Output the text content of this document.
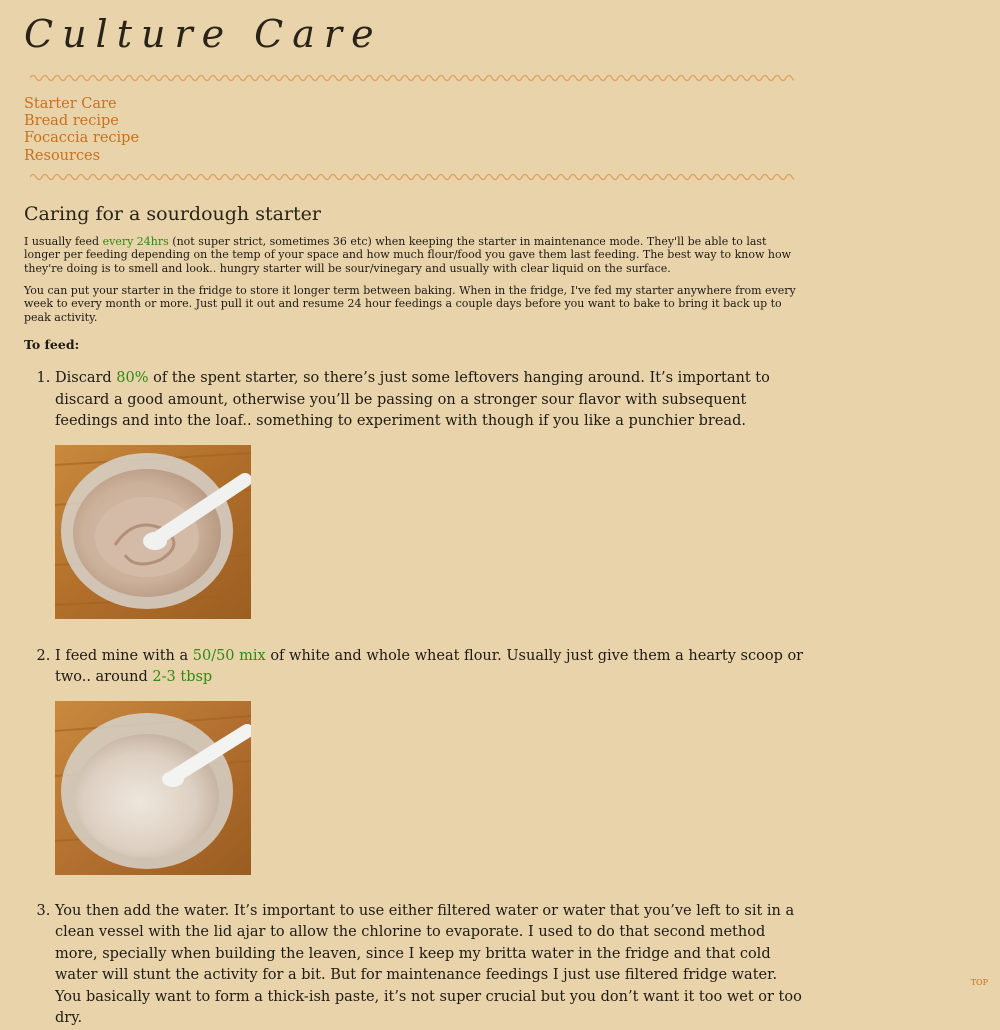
Culture Care
Starter Care
Bread recipe
Focaccia recipe
Resources
Caring for a sourdough starter

I usually feed every 24hrs (not super strict, sometimes 36 etc) when keeping the starter in maintenance mode. They'll be able to last longer per feeding depending on the temp of your space and how much flour/food you gave them last feeding. The best way to know how they're doing is to smell and look.. hungry starter will be sour/vinegary and usually with clear liquid on the surface.

You can put your starter in the fridge to store it longer term between baking. When in the fridge, I've fed my starter anywhere from every week to every month or more. Just pull it out and resume 24 hour feedings a couple days before you want to bake to bring it back up to peak activity.

To feed:

1. Discard 80% of the spent starter, so there’s just some leftovers hanging around. It’s important to discard a good amount, otherwise you’ll be passing on a stronger sour flavor with subsequent feedings and into the loaf.. something to experiment with though if you like a punchier bread.
2. I feed mine with a 50/50 mix of white and whole wheat flour. Usually just give them a hearty scoop or two.. around 2-3 tbsp
3. You then add the water. It’s important to use either filtered water or water that you’ve left to sit in a clean vessel with the lid ajar to allow the chlorine to evaporate. I used to do that second method more, specially when building the leaven, since I keep my britta water in the fridge and that cold water will stunt the activity for a bit. But for maintenance feedings I just use filtered fridge water. You basically want to form a thick-ish paste, it’s not super crucial but you don’t want it too wet or too dry.
TOP
